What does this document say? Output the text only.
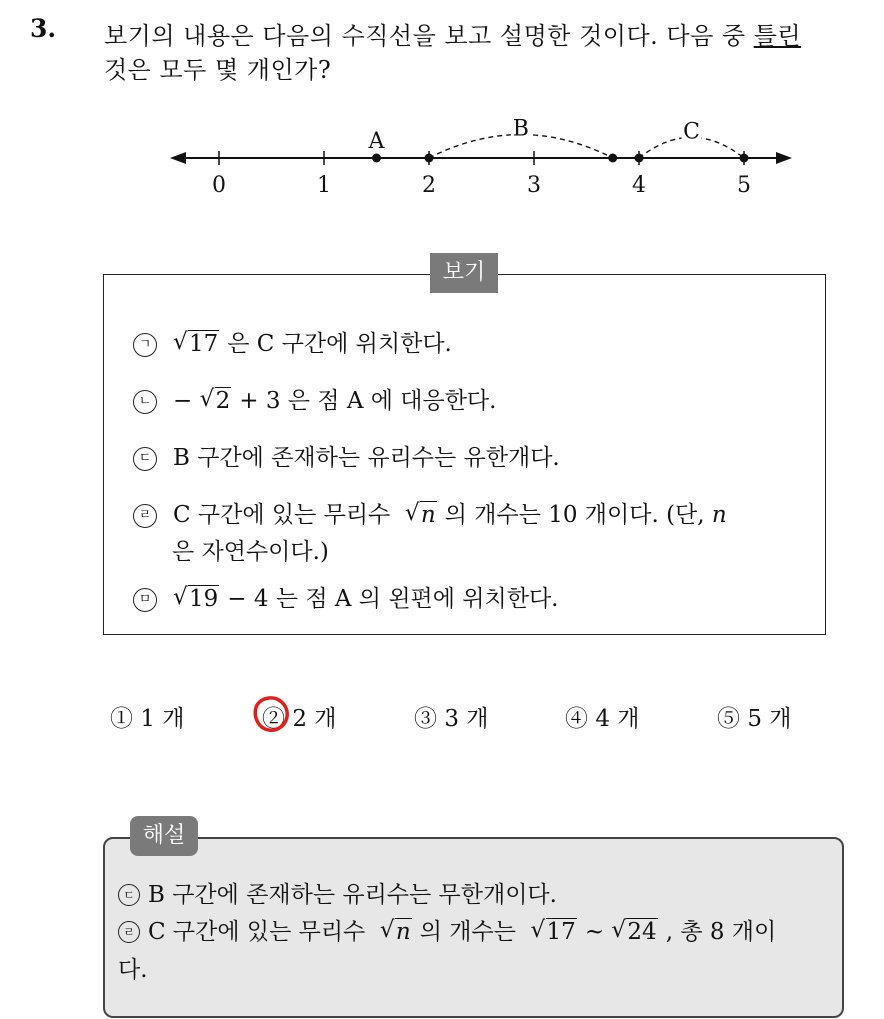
3. 보기의 내용은 다음의 수직선을 보고 설명한 것이다. 다음 중 틀린
것은 모두 몇 개인가?
0	1	2	3	4	5
B	C
A
보기
ㄱ √ 17 은 C 구간에 위치한다.
ㄴ − √ 2 + 3 은 점 A 에 대응한다.
ㄷ B 구간에 존재하는 유리수는 유한개다.
ㄹ C 구간에 있는 무리수 √ n 의 개수는 10 개이다. (단, n
은 자연수이다.)
ㅁ √ 19 − 4 는 점 A 의 왼편에 위치한다.
① 1 개	② 2 개	③ 3 개	④ 4 개	⑤ 5 개
해설
ㄷ B 구간에 존재하는 유리수는 무한개이다.
ㄹ C 구간에 있는 무리수 √ n 의 개수는 √ 17 ~ √ 24 , 총 8 개이
다.
